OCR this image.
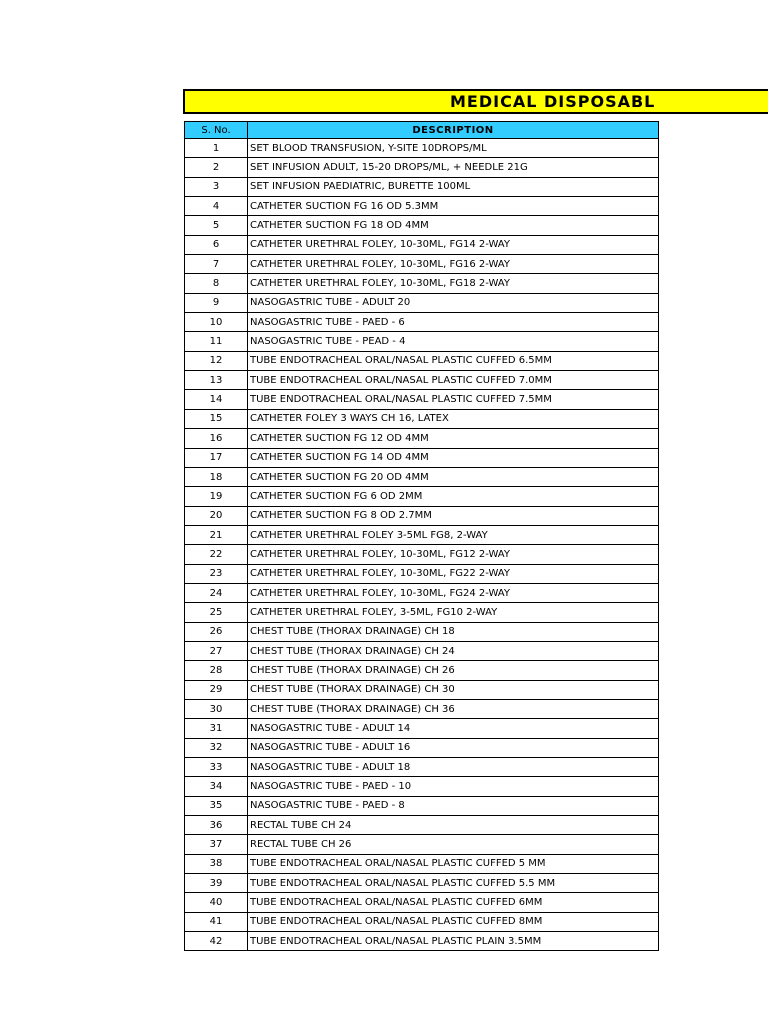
MEDICAL DISPOSABL
S. No.	DESCRIPTION
1	SET BLOOD TRANSFUSION, Y-SITE 10DROPS/ML
2	SET INFUSION ADULT, 15-20 DROPS/ML, + NEEDLE 21G
3	SET INFUSION PAEDIATRIC, BURETTE 100ML
4	CATHETER SUCTION FG 16 OD 5.3MM
5	CATHETER SUCTION FG 18 OD 4MM
6	CATHETER URETHRAL FOLEY, 10-30ML, FG14 2-WAY
7	CATHETER URETHRAL FOLEY, 10-30ML, FG16 2-WAY
8	CATHETER URETHRAL FOLEY, 10-30ML, FG18 2-WAY
9	NASOGASTRIC TUBE - ADULT 20
10	NASOGASTRIC TUBE - PAED - 6
11	NASOGASTRIC TUBE - PEAD - 4
12	TUBE ENDOTRACHEAL ORAL/NASAL PLASTIC CUFFED 6.5MM
13	TUBE ENDOTRACHEAL ORAL/NASAL PLASTIC CUFFED 7.0MM
14	TUBE ENDOTRACHEAL ORAL/NASAL PLASTIC CUFFED 7.5MM
15	CATHETER FOLEY 3 WAYS CH 16, LATEX
16	CATHETER SUCTION FG 12 OD 4MM
17	CATHETER SUCTION FG 14 OD 4MM
18	CATHETER SUCTION FG 20 OD 4MM
19	CATHETER SUCTION FG 6 OD 2MM
20	CATHETER SUCTION FG 8 OD 2.7MM
21	CATHETER URETHRAL FOLEY 3-5ML FG8, 2-WAY
22	CATHETER URETHRAL FOLEY, 10-30ML, FG12 2-WAY
23	CATHETER URETHRAL FOLEY, 10-30ML, FG22 2-WAY
24	CATHETER URETHRAL FOLEY, 10-30ML, FG24 2-WAY
25	CATHETER URETHRAL FOLEY, 3-5ML, FG10 2-WAY
26	CHEST TUBE (THORAX DRAINAGE) CH 18
27	CHEST TUBE (THORAX DRAINAGE) CH 24
28	CHEST TUBE (THORAX DRAINAGE) CH 26
29	CHEST TUBE (THORAX DRAINAGE) CH 30
30	CHEST TUBE (THORAX DRAINAGE) CH 36
31	NASOGASTRIC TUBE - ADULT 14
32	NASOGASTRIC TUBE - ADULT 16
33	NASOGASTRIC TUBE - ADULT 18
34	NASOGASTRIC TUBE - PAED - 10
35	NASOGASTRIC TUBE - PAED - 8
36	RECTAL TUBE CH 24
37	RECTAL TUBE CH 26
38	TUBE ENDOTRACHEAL ORAL/NASAL PLASTIC CUFFED 5 MM
39	TUBE ENDOTRACHEAL ORAL/NASAL PLASTIC CUFFED 5.5 MM
40	TUBE ENDOTRACHEAL ORAL/NASAL PLASTIC CUFFED 6MM
41	TUBE ENDOTRACHEAL ORAL/NASAL PLASTIC CUFFED 8MM
42	TUBE ENDOTRACHEAL ORAL/NASAL PLASTIC PLAIN 3.5MM
